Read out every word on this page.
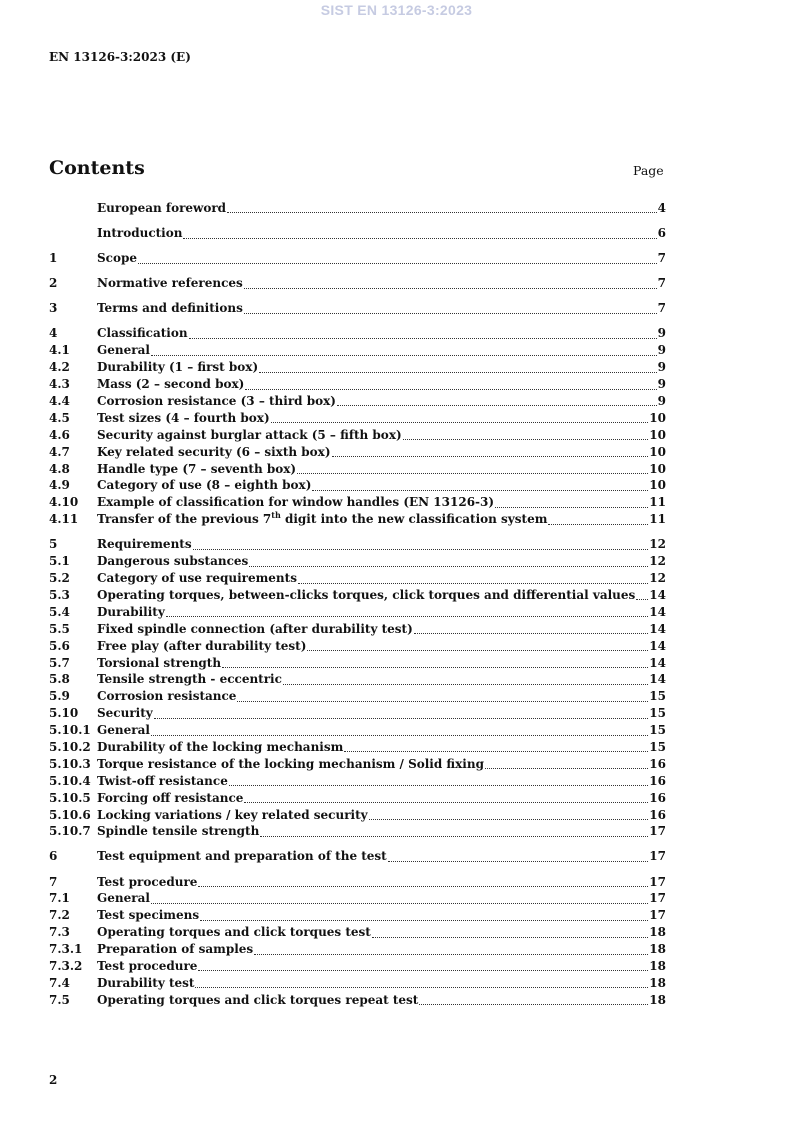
SIST EN 13126-3:2023
EN 13126-3:2023 (E)
Contents	Page
European foreword	4
Introduction	6
1	Scope	7
2	Normative references	7
3	Terms and definitions	7
4	Classification	9
4.1	General	9
4.2	Durability (1 – first box)	9
4.3	Mass (2 – second box)	9
4.4	Corrosion resistance (3 – third box)	9
4.5	Test sizes (4 – fourth box)	10
4.6	Security against burglar attack (5 – fifth box)	10
4.7	Key related security (6 – sixth box)	10
4.8	Handle type (7 – seventh box)	10
4.9	Category of use (8 – eighth box)	10
4.10	Example of classification for window handles (EN 13126-3)	11
4.11	Transfer of the previous 7th digit into the new classification system	11
5	Requirements	12
5.1	Dangerous substances	12
5.2	Category of use requirements	12
5.3	Operating torques, between-clicks torques, click torques and differential values 14
5.4	Durability	14
5.5	Fixed spindle connection (after durability test)	14
5.6	Free play (after durability test)	14
5.7	Torsional strength	14
5.8	Tensile strength - eccentric	14
5.9	Corrosion resistance	15
5.10	Security	15
5.10.1 General	15
5.10.2 Durability of the locking mechanism	15
5.10.3 Torque resistance of the locking mechanism / Solid fixing	16
5.10.4 Twist-off resistance	16
5.10.5 Forcing off resistance	16
5.10.6 Locking variations / key related security	16
5.10.7 Spindle tensile strength	17
6	Test equipment and preparation of the test	17
7	Test procedure	17
7.1	General	17
7.2	Test specimens	17
7.3	Operating torques and click torques test	18
7.3.1	Preparation of samples	18
7.3.2	Test procedure	18
7.4	Durability test	18
7.5	Operating torques and click torques repeat test	18
2
